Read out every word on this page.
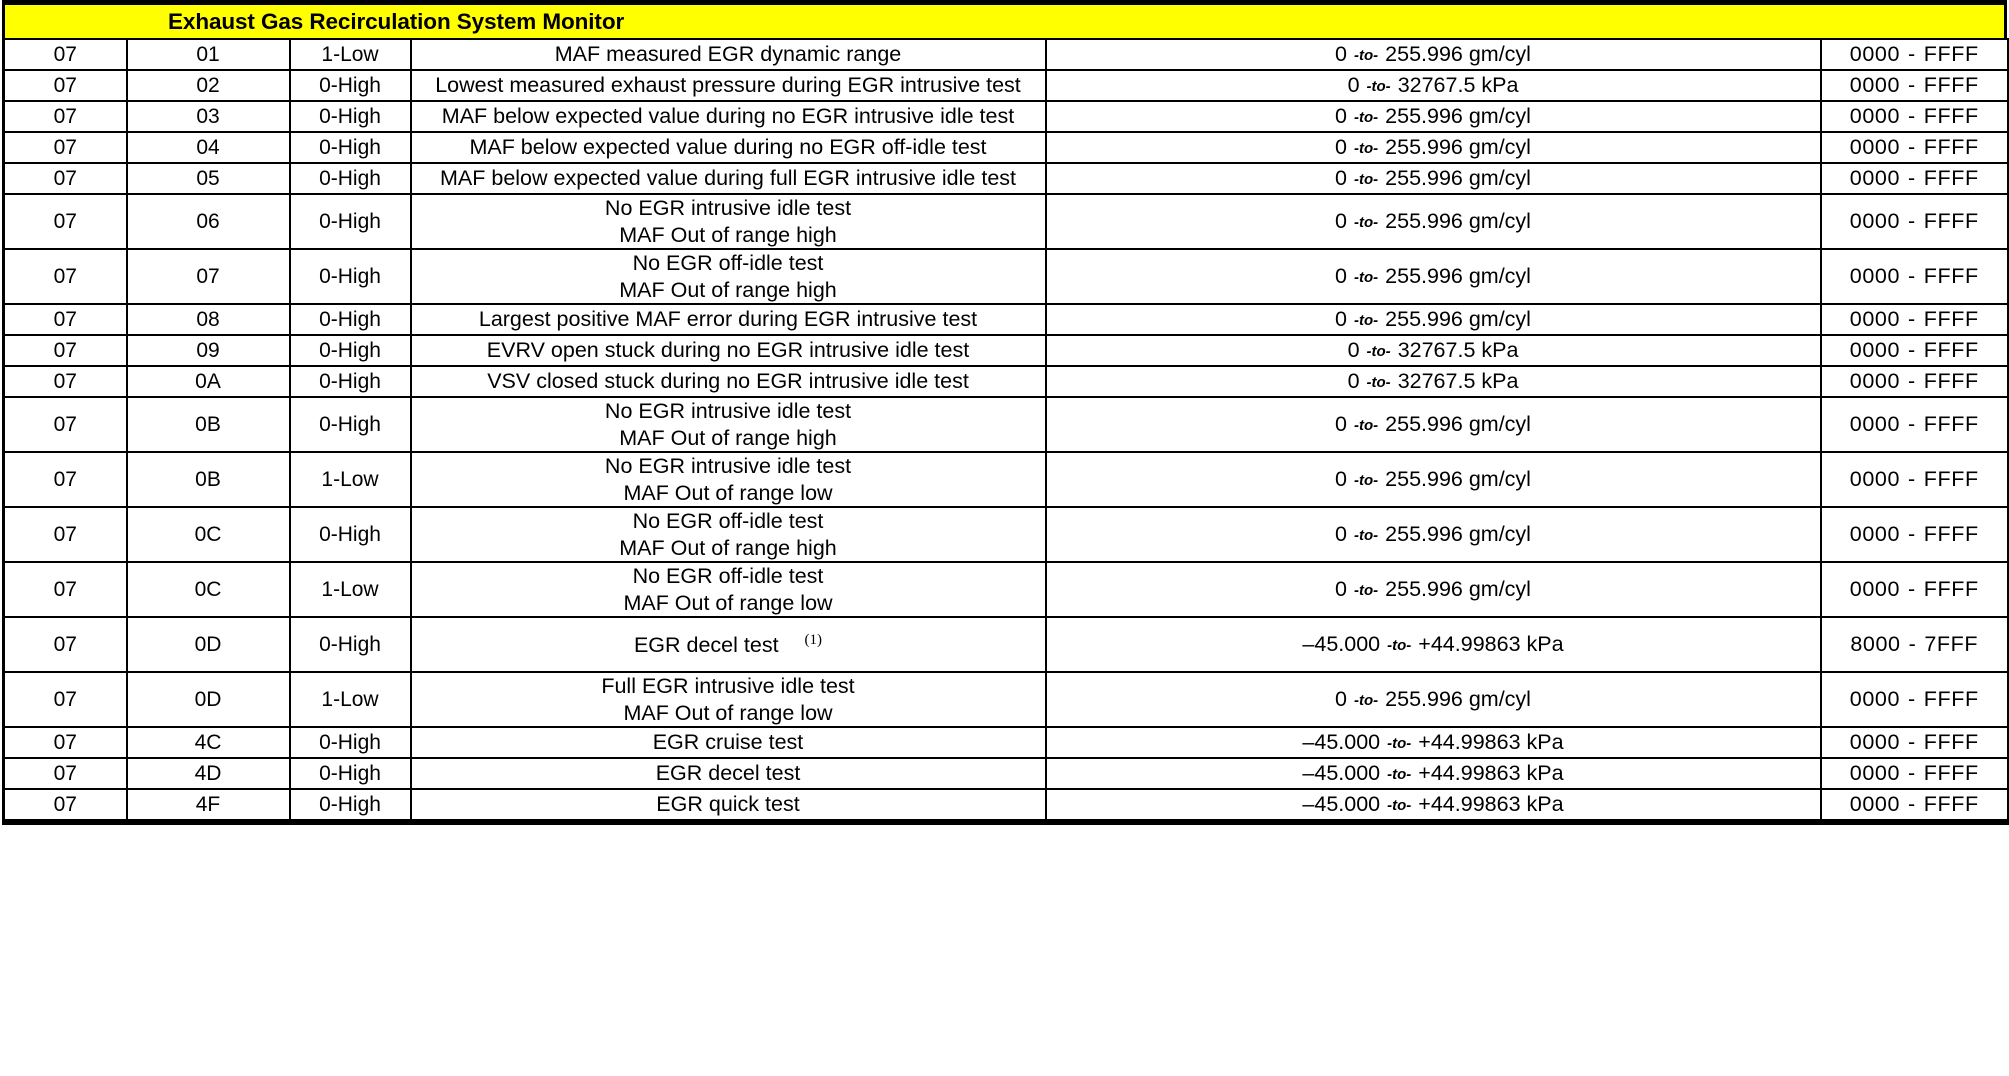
Exhaust Gas Recirculation System Monitor
07	01	1-Low	MAF measured EGR dynamic range	0 -to- 255.996 gm/cyl	0000 - FFFF
07	02	0-High	Lowest measured exhaust pressure during EGR intrusive test	0 -to- 32767.5 kPa	0000 - FFFF
07	03	0-High	MAF below expected value during no EGR intrusive idle test	0 -to- 255.996 gm/cyl	0000 - FFFF
07	04	0-High	MAF below expected value during no EGR off-idle test	0 -to- 255.996 gm/cyl	0000 - FFFF
07	05	0-High	MAF below expected value during full EGR intrusive idle test	0 -to- 255.996 gm/cyl	0000 - FFFF
07	06	0-High	No EGR intrusive idle test
MAF Out of range high	0 -to- 255.996 gm/cyl	0000 - FFFF
07	07	0-High	No EGR off-idle test
MAF Out of range high	0 -to- 255.996 gm/cyl	0000 - FFFF
07	08	0-High	Largest positive MAF error during EGR intrusive test	0 -to- 255.996 gm/cyl	0000 - FFFF
07	09	0-High	EVRV open stuck during no EGR intrusive idle test	0 -to- 32767.5 kPa	0000 - FFFF
07	0A	0-High	VSV closed stuck during no EGR intrusive idle test	0 -to- 32767.5 kPa	0000 - FFFF
07	0B	0-High	No EGR intrusive idle test
MAF Out of range high	0 -to- 255.996 gm/cyl	0000 - FFFF
07	0B	1-Low	No EGR intrusive idle test
MAF Out of range low	0 -to- 255.996 gm/cyl	0000 - FFFF
07	0C	0-High	No EGR off-idle test
MAF Out of range high	0 -to- 255.996 gm/cyl	0000 - FFFF
07	0C	1-Low	No EGR off-idle test
MAF Out of range low	0 -to- 255.996 gm/cyl	0000 - FFFF
07	0D	0-High	EGR decel test $^{(1)}$	–45.000 -to- +44.99863 kPa	8000 - 7FFF
07	0D	1-Low	Full EGR intrusive idle test
MAF Out of range low	0 -to- 255.996 gm/cyl	0000 - FFFF
07	4C	0-High	EGR cruise test	–45.000 -to- +44.99863 kPa	0000 - FFFF
07	4D	0-High	EGR decel test	–45.000 -to- +44.99863 kPa	0000 - FFFF
07	4F	0-High	EGR quick test	–45.000 -to- +44.99863 kPa	0000 - FFFF
